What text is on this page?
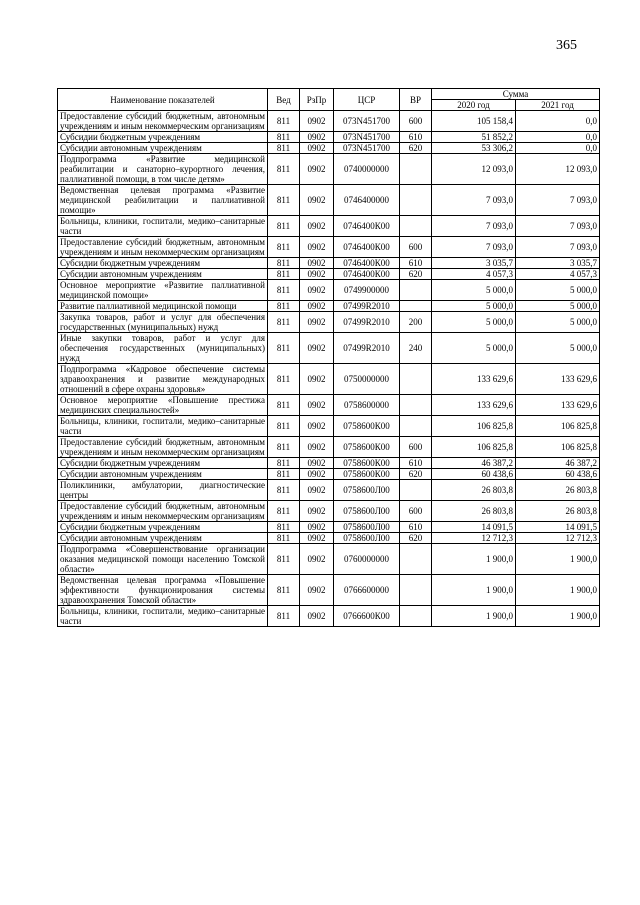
365
Наименование показателей	Вед	РзПр	ЦСР	ВР	Сумма	
					2020 год	2021 год
Предоставление субсидий бюджетным, автономным учреждениям и иным некоммерческим организациям	811	0902	073N451700	600	105 158,4	0,0
Субсидии бюджетным учреждениям	811	0902	073N451700	610	51 852,2	0,0
Субсидии автономным учреждениям	811	0902	073N451700	620	53 306,2	0,0
Подпрограмма «Развитие медицинской реабилитации и санаторно–курортного лечения, паллиативной помощи, в том числе детям»	811	0902	0740000000		12 093,0	12 093,0
Ведомственная целевая программа «Развитие медицинской реабилитации и паллиативной помощи»	811	0902	0746400000		7 093,0	7 093,0
Больницы, клиники, госпитали, медико–санитарные части	811	0902	0746400К00		7 093,0	7 093,0
Предоставление субсидий бюджетным, автономным учреждениям и иным некоммерческим организациям	811	0902	0746400К00	600	7 093,0	7 093,0
Субсидии бюджетным учреждениям	811	0902	0746400К00	610	3 035,7	3 035,7
Субсидии автономным учреждениям	811	0902	0746400К00	620	4 057,3	4 057,3
Основное мероприятие «Развитие паллиативной медицинской помощи»	811	0902	0749900000		5 000,0	5 000,0
Развитие паллиативной медицинской помощи	811	0902	07499R2010		5 000,0	5 000,0
Закупка товаров, работ и услуг для обеспечения государственных (муниципальных) нужд	811	0902	07499R2010	200	5 000,0	5 000,0
Иные закупки товаров, работ и услуг для обеспечения государственных (муниципальных) нужд	811	0902	07499R2010	240	5 000,0	5 000,0
Подпрограмма «Кадровое обеспечение системы здравоохранения и развитие международных отношений в сфере охраны здоровья»	811	0902	0750000000		133 629,6	133 629,6
Основное мероприятие «Повышение престижа медицинских специальностей»	811	0902	0758600000		133 629,6	133 629,6
Больницы, клиники, госпитали, медико–санитарные части	811	0902	0758600К00		106 825,8	106 825,8
Предоставление субсидий бюджетным, автономным учреждениям и иным некоммерческим организациям	811	0902	0758600К00	600	106 825,8	106 825,8
Субсидии бюджетным учреждениям	811	0902	0758600К00	610	46 387,2	46 387,2
Субсидии автономным учреждениям	811	0902	0758600К00	620	60 438,6	60 438,6
Поликлиники, амбулатории, диагностические центры	811	0902	0758600Л00		26 803,8	26 803,8
Предоставление субсидий бюджетным, автономным учреждениям и иным некоммерческим организациям	811	0902	0758600Л00	600	26 803,8	26 803,8
Субсидии бюджетным учреждениям	811	0902	0758600Л00	610	14 091,5	14 091,5
Субсидии автономным учреждениям	811	0902	0758600Л00	620	12 712,3	12 712,3
Подпрограмма «Совершенствование организации оказания медицинской помощи населению Томской области»	811	0902	0760000000		1 900,0	1 900,0
Ведомственная целевая программа «Повышение эффективности функционирования системы здравоохранения Томской области»	811	0902	0766600000		1 900,0	1 900,0
Больницы, клиники, госпитали, медико–санитарные части	811	0902	0766600К00		1 900,0	1 900,0
